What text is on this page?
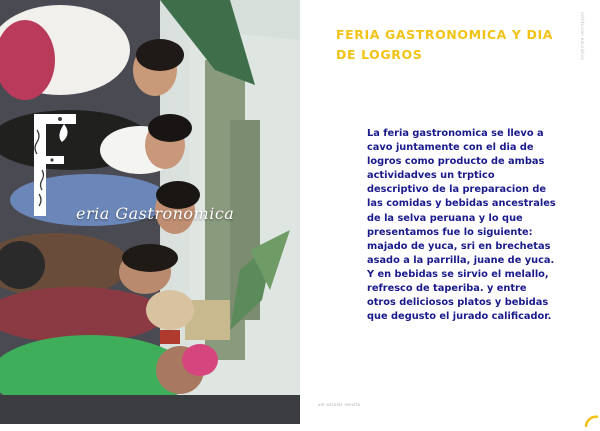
eria Gastronomica
FERIA GASTRONOMICA Y DIA DE LOGROS
La feria gastronomica se llevo a cavo juntamente con el dia de logros como producto de ambas actividadves un trptico descriptivo de la preparacion de las comidas y bebidas ancestrales de la selva peruana y lo que presentamos fue lo siguiente: majado de yuca, sri en brechetas asado a la parrilla, juane de yuca. Y en bebidas se sirvio el melallo, refresco de taperiba. y entre otros deliciosos platos y bebidas que degusto el jurado calificador.
institucion educativa
vol escolar revista
